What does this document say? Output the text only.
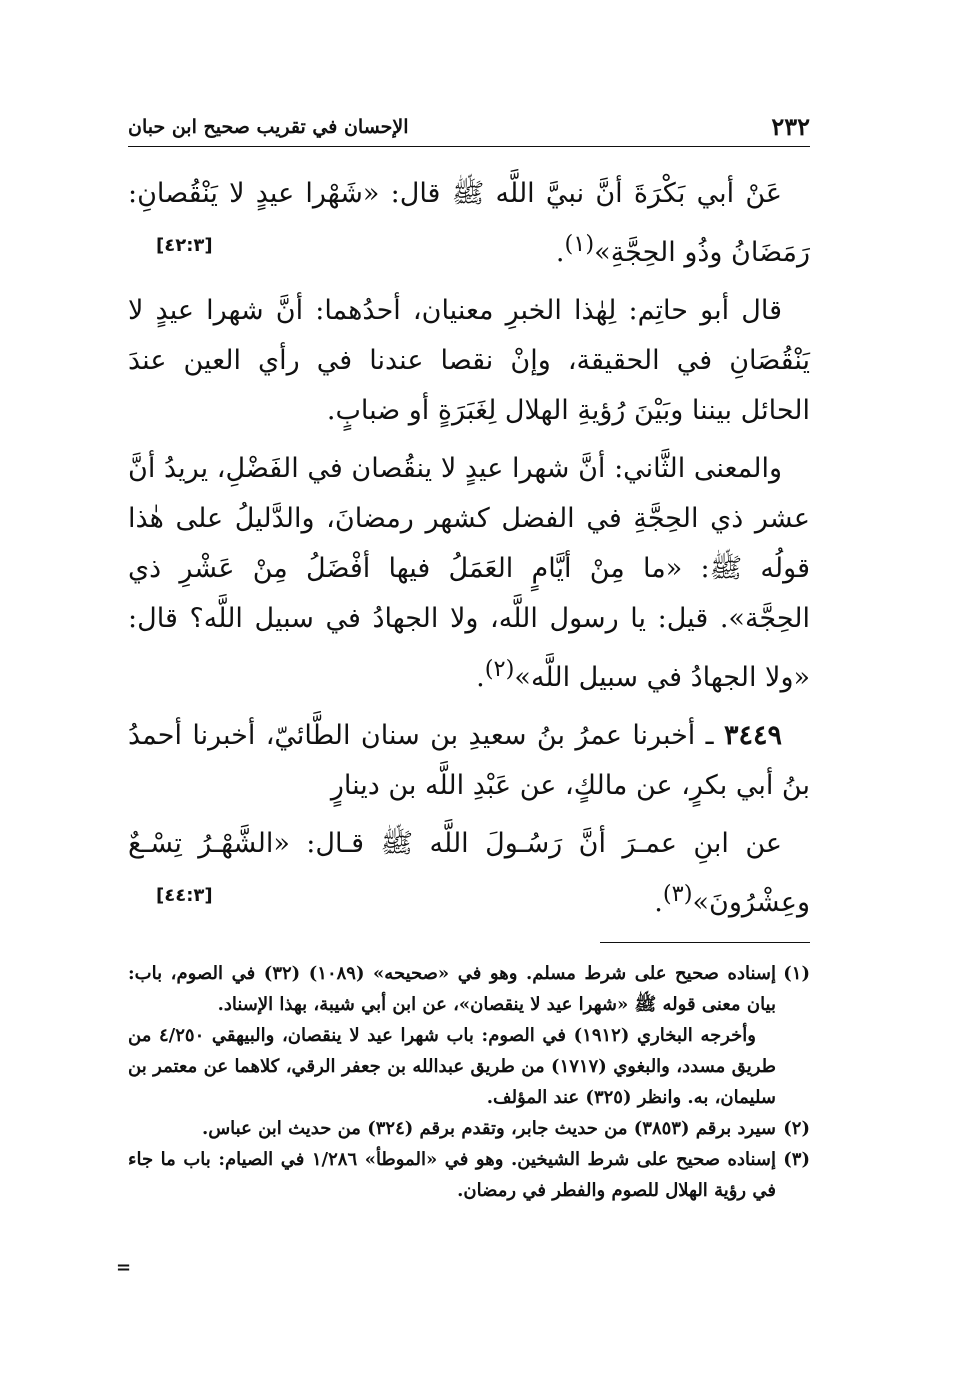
٢٣٢
الإحسان في تقريب صحيح ابن حبان

عَنْ أبي بَكْرَةَ أنَّ نبيَّ اللَّه ﷺ قال: «شَهْرا عيدٍ لا يَنْقُصانِ: رَمَضَانُ وذُو الحِجَّةِ»$^{(١)}$.
[٤٢:٣]

قال أبو حاتِم: لِهٰذا الخبرِ معنيان، أحدُهما: أنَّ شهرا عيدٍ لا يَنْقُصَانِ في الحقيقة، وإنْ نقصا عندنا في رأي العين عندَ الحائل بيننا وبَيْنَ رُؤيةِ الهلال لِغَبَرَةٍ أو ضبابٍ.

والمعنى الثَّاني: أنَّ شهرا عيدٍ لا ينقُصان في الفَضْلِ، يريدُ أنَّ عشر ذي الحِجَّةِ في الفضل كشهر رمضانَ، والدَّليلُ على هٰذا قولُه ﷺ: «ما مِنْ أيَّامٍ العَمَلُ فيها أفْضَلُ مِنْ عَشْرِ ذي الحِجَّة». قيل: يا رسول اللَّه، ولا الجهادُ في سبيل اللَّه؟ قال: «ولا الجهادُ في سبيل اللَّه»$^{(٢)}$.

٣٤٤٩ ـ أخبرنا عمرُ بنُ سعيدِ بن سنان الطَّائيّ، أخبرنا أحمدُ بنُ أبي بكرٍ، عن مالكٍ، عن عَبْدِ اللَّه بن دينارٍ

عن ابنِ عمـرَ أنَّ رَسُـولَ اللَّه ﷺ قـال: «الشَّهْـرُ تِسْـعٌ وعِشْرُونَ»$^{(٣)}$.
[٤٤:٣]

(١)إسناده صحيح على شرط مسلم. وهو في «صحيحه» (١٠٨٩) (٣٢) في الصوم، باب: بيان معنى قوله ﷺ «شهرا عيد لا ينقصان»، عن ابن أبي شيبة، بهذا الإسناد.

وأخرجه البخاري (١٩١٢) في الصوم: باب شهرا عيد لا ينقصان، والبيهقي ٤/٢٥٠ من طريق مسدد، والبغوي (١٧١٧) من طريق عبدالله بن جعفر الرقي، كلاهما عن معتمر بن سليمان، به. وانظر (٣٢٥) عند المؤلف.

(٢)سيرد برقم (٣٨٥٣) من حديث جابر، وتقدم برقم (٣٢٤) من حديث ابن عباس.

(٣)إسناده صحيح على شرط الشيخين. وهو في «الموطأ» ١/٢٨٦ في الصيام: باب ما جاء في رؤية الهلال للصوم والفطر في رمضان.

=
